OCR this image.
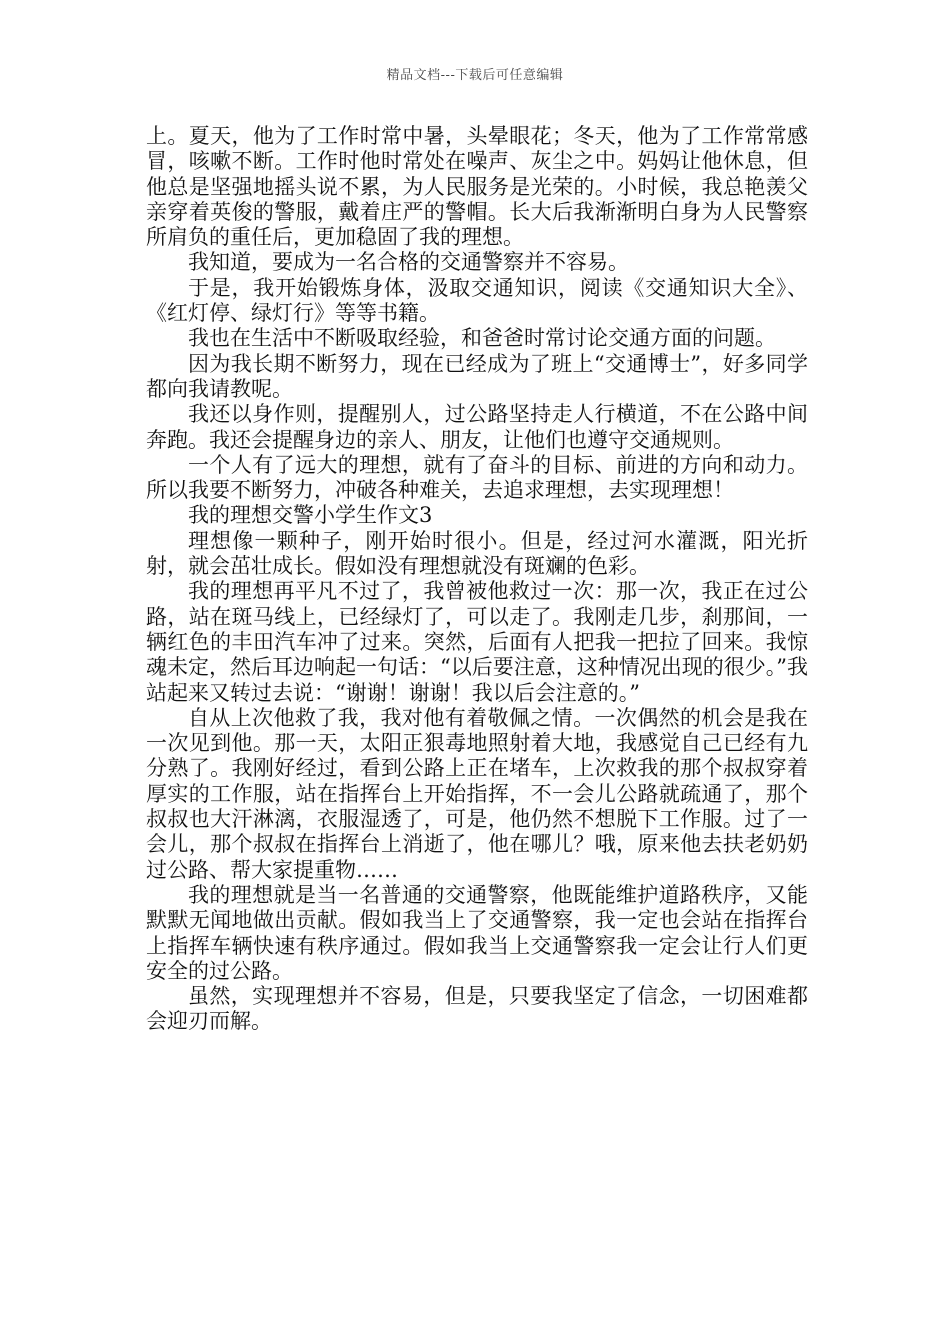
精品文档---下载后可任意编辑

上。夏天，他为了工作时常中暑，头晕眼花；冬天，他为了工作常常感冒，咳嗽不断。工作时他时常处在噪声、灰尘之中。妈妈让他休息，但他总是坚强地摇头说不累，为人民服务是光荣的。小时候，我总艳羡父亲穿着英俊的警服，戴着庄严的警帽。长大后我渐渐明白身为人民警察所肩负的重任后，更加稳固了我的理想。

我知道，要成为一名合格的交通警察并不容易。

于是，我开始锻炼身体，汲取交通知识，阅读《交通知识大全》、《红灯停、绿灯行》等等书籍。

我也在生活中不断吸取经验，和爸爸时常讨论交通方面的问题。

因为我长期不断努力，现在已经成为了班上“交通博士”，好多同学都向我请教呢。

我还以身作则，提醒别人，过公路坚持走人行横道，不在公路中间奔跑。我还会提醒身边的亲人、朋友，让他们也遵守交通规则。

一个人有了远大的理想，就有了奋斗的目标、前进的方向和动力。所以我要不断努力，冲破各种难关，去追求理想，去实现理想！

我的理想交警小学生作文3

理想像一颗种子，刚开始时很小。但是，经过河水灌溉，阳光折射，就会茁壮成长。假如没有理想就没有斑斓的色彩。

我的理想再平凡不过了，我曾被他救过一次：那一次，我正在过公路，站在斑马线上，已经绿灯了，可以走了。我刚走几步，刹那间，一辆红色的丰田汽车冲了过来。突然，后面有人把我一把拉了回来。我惊魂未定，然后耳边响起一句话：“以后要注意，这种情况出现的很少。”我站起来又转过去说：“谢谢！谢谢！我以后会注意的。”

自从上次他救了我，我对他有着敬佩之情。一次偶然的机会是我在一次见到他。那一天，太阳正狠毒地照射着大地，我感觉自己已经有九分熟了。我刚好经过，看到公路上正在堵车，上次救我的那个叔叔穿着厚实的工作服，站在指挥台上开始指挥，不一会儿公路就疏通了，那个叔叔也大汗淋漓，衣服湿透了，可是，他仍然不想脱下工作服。过了一会儿，那个叔叔在指挥台上消逝了，他在哪儿？哦，原来他去扶老奶奶过公路、帮大家提重物……

我的理想就是当一名普通的交通警察，他既能维护道路秩序，又能默默无闻地做出贡献。假如我当上了交通警察，我一定也会站在指挥台上指挥车辆快速有秩序通过。假如我当上交通警察我一定会让行人们更安全的过公路。

虽然，实现理想并不容易，但是，只要我坚定了信念，一切困难都会迎刃而解。
